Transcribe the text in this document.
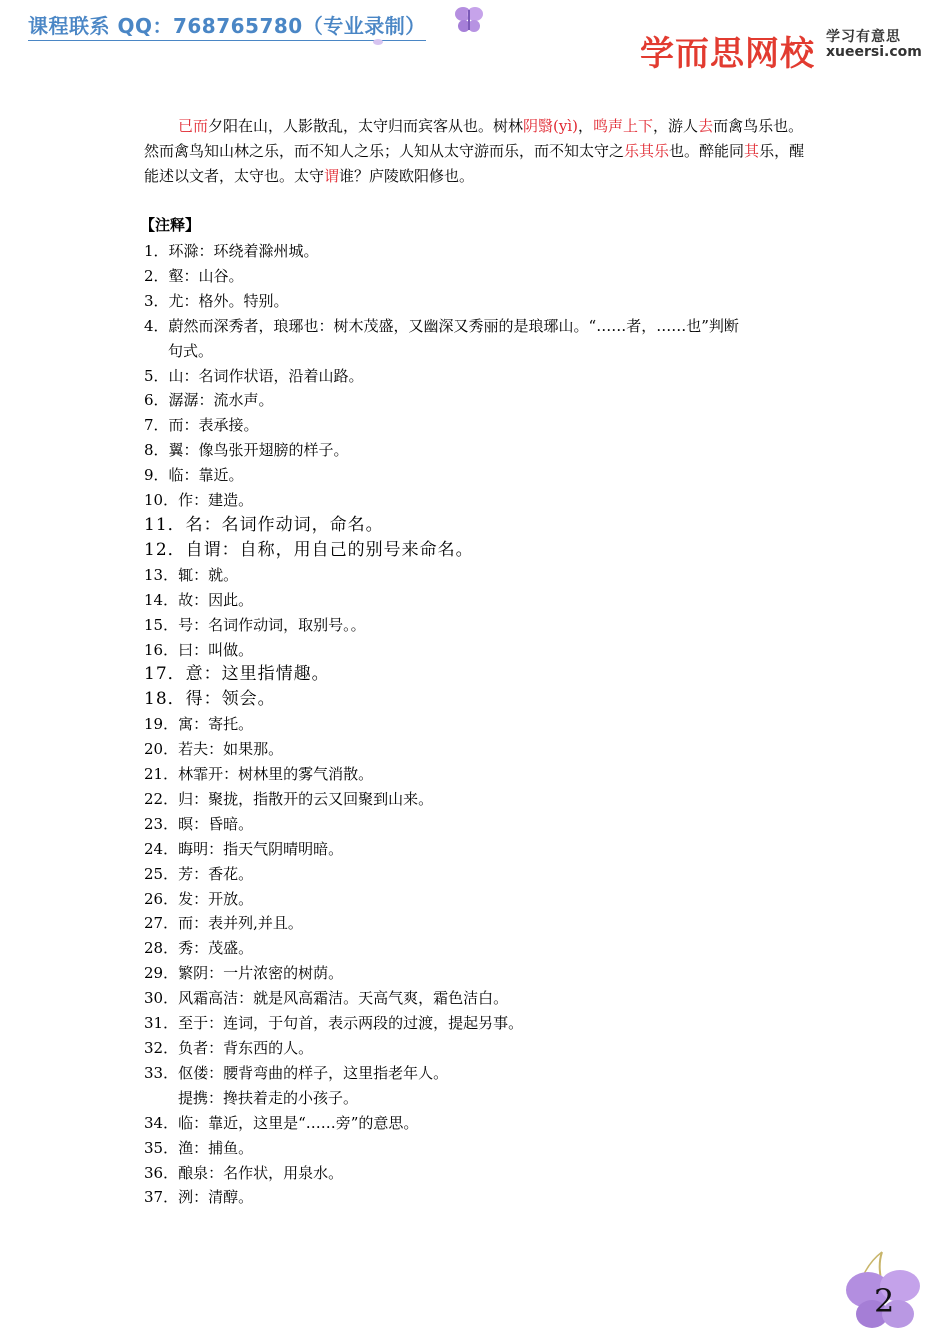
课程联系 QQ：768765780（专业录制）
学而思网校 学习有意思
xueersi.com

已而夕阳在山，人影散乱，太守归而宾客从也。树林阴翳(yì)，鸣声上下，游人去而禽鸟乐也。然而禽鸟知山林之乐，而不知人之乐；人知从太守游而乐，而不知太守之乐其乐也。醉能同其乐，醒能述以文者，太守也。太守谓谁？庐陵欧阳修也。

【注释】
1．环滁：环绕着滁州城。
2．壑：山谷。
3．尤：格外。特别。
4．蔚然而深秀者，琅琊也：树木茂盛，又幽深又秀丽的是琅琊山。“……者，……也”判断
句式。
5．山：名词作状语，沿着山路。
6．潺潺：流水声。
7．而：表承接。
8．翼：像鸟张开翅膀的样子。
9．临：靠近。
10．作：建造。
11．名：名词作动词，命名。
12．自谓：自称，用自己的别号来命名。
13．辄：就。
14．故：因此。
15．号：名词作动词，取别号。。
16．曰：叫做。
17．意：这里指情趣。
18．得：领会。
19．寓：寄托。
20．若夫：如果那。
21．林霏开：树林里的雾气消散。
22．归：聚拢，指散开的云又回聚到山来。
23．暝：昏暗。
24．晦明：指天气阴晴明暗。
25．芳：香花。
26．发：开放。
27．而：表并列,并且。
28．秀：茂盛。
29．繁阴：一片浓密的树荫。
30．风霜高洁：就是风高霜洁。天高气爽，霜色洁白。
31．至于：连词，于句首，表示两段的过渡，提起另事。
32．负者：背东西的人。
33．伛偻：腰背弯曲的样子，这里指老年人。
提携：搀扶着走的小孩子。
34．临：靠近，这里是“……旁”的意思。
35．渔：捕鱼。
36．酿泉：名作状，用泉水。
37．洌：清醇。
2
